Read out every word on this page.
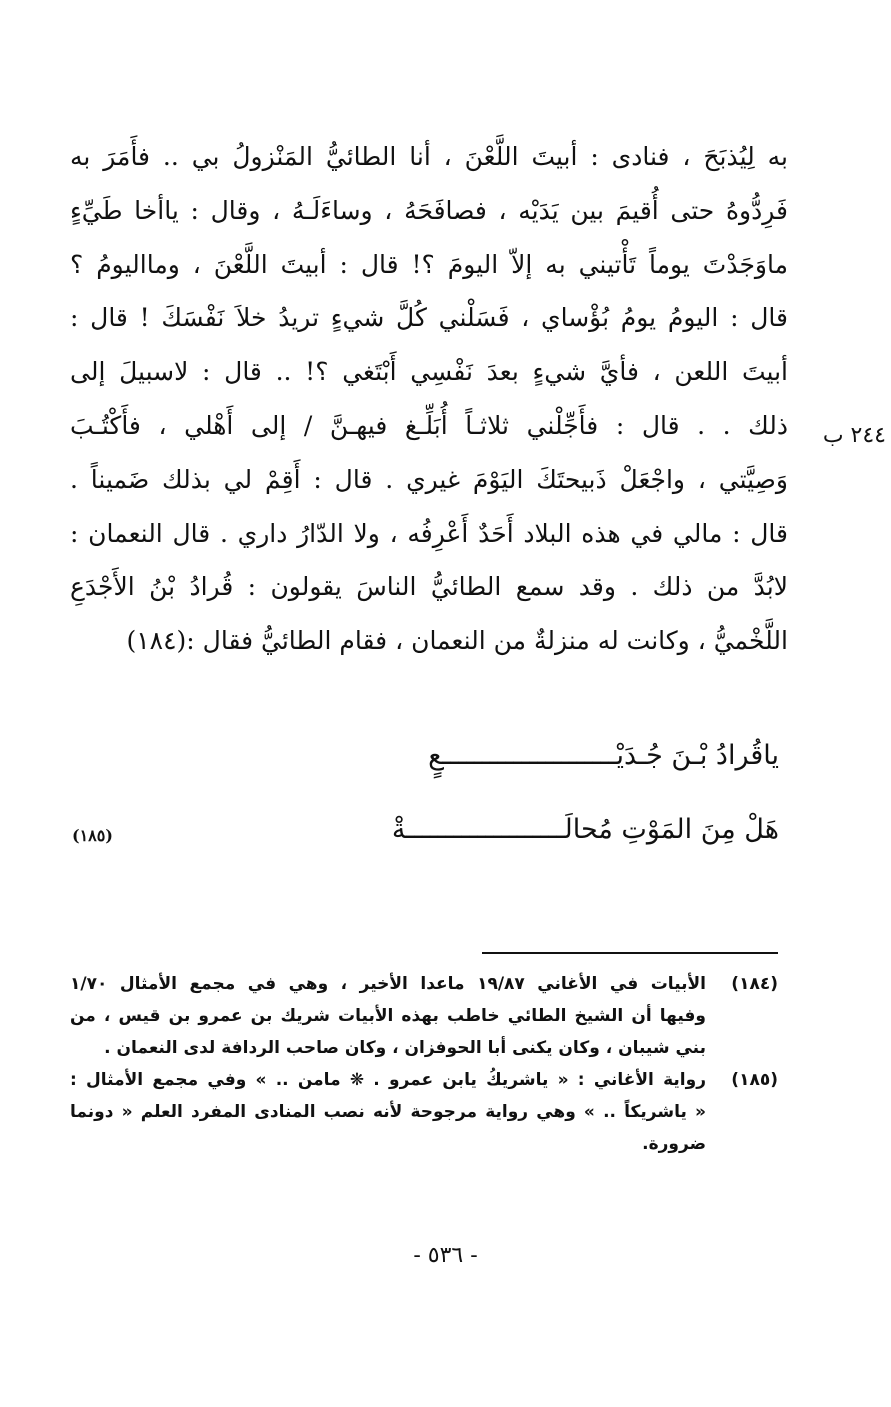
به لِيُذبَحَ ، فنادى : أبيتَ اللَّعْنَ ، أنا الطائيُّ المَنْزولُ بي .. فأَمَرَ به
فَرِدُّوهُ حتى أُقيمَ بين يَدَيْه ، فصافَحَهُ ، وساءَلَـهُ ، وقال : ياأخا طَيِّءٍ
ماوَجَدْتَ يوماً تَأْتيني به إلاّ اليومَ ؟! قال : أبيتَ اللَّعْنَ ، وماالیومُ ؟
قال : اليومُ يومُ بُؤْساي ، فَسَلْني كُلَّ شيءٍ تريدُ خلاَ نَفْسَكَ ! قال :
أبيتَ اللعن ، فأيَّ شيءٍ بعدَ نَفْسِي أَبْتَغي ؟! .. قال : لاسبيلَ إلى
ذلك . . قال : فأَجِّلْني ثلاثـاً أُبَلِّـغ فيهـنَّ / إلى أَهْلي ، فأَكْتُـبَ
وَصِيَّتي ، واجْعَلْ ذَبيحتَكَ اليَوْمَ غيري . قال : أَقِمْ لي بذلك ضَميناً .
قال : مالي في هذه البلاد أَحَدٌ أَعْرِفُه ، ولا الدّارُ داري . قال النعمان :
لابُدَّ من ذلك . وقد سمع الطائيُّ الناسَ يقولون : قُرادُ بْنُ الأَجْدَعِ
اللَّخْميُّ ، وكانت له منزلةٌ من النعمان ، فقام الطائيُّ فقال :(١٨٤)
٢٤٤ ب
ياقُرادُ بْـنَ جُـدَيْــــــــــــــــــــــعٍ
هَلْ مِنَ المَوْتِ مُحالَــــــــــــــــــــةْ
(١٨٥)
(١٨٤)
الأبيات في الأغاني ١٩/٨٧ ماعدا الأخير ، وهي في مجمع الأمثال ١/٧٠
وفيها أن الشيخ الطائي خاطب بهذه الأبيات شريك بن عمرو بن قيس ، من
بني شيبان ، وكان يكنى أبا الحوفزان ، وكان صاحب الردافة لدى النعمان .
(١٨٥)
رواية الأغاني : « ياشريكُ يابن عمرو . ❋ مامن .. » وفي مجمع الأمثال :
« ياشريكاً .. » وهي رواية مرجوحة لأنه نصب المنادى المفرد العلم « دونما
ضرورة.
- ٥٣٦ -
